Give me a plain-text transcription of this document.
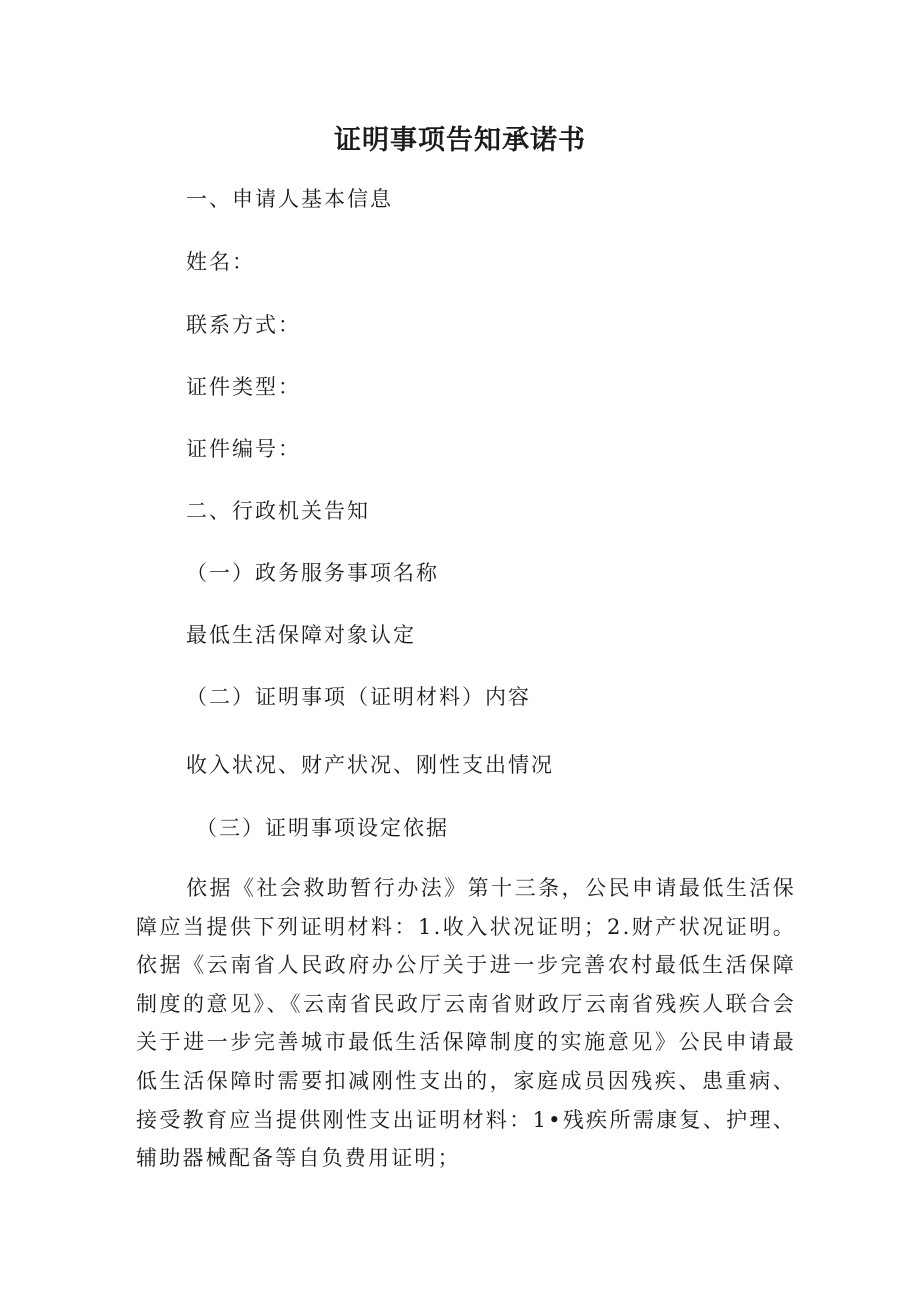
证明事项告知承诺书

一、申请人基本信息

姓名：

联系方式：

证件类型：

证件编号：

二、行政机关告知

（一）政务服务事项名称

最低生活保障对象认定

（二）证明事项（证明材料）内容

收入状况、财产状况、刚性支出情况

（三）证明事项设定依据

依据《社会救助暂行办法》第十三条，公民申请最低生活保障应当提供下列证明材料：1.收入状况证明；2.财产状况证明。依据《云南省人民政府办公厅关于进一步完善农村最低生活保障制度的意见》、《云南省民政厅云南省财政厅云南省残疾人联合会关于进一步完善城市最低生活保障制度的实施意见》公民申请最低生活保障时需要扣减刚性支出的，家庭成员因残疾、患重病、接受教育应当提供刚性支出证明材料：1•残疾所需康复、护理、辅助器械配备等自负费用证明；
